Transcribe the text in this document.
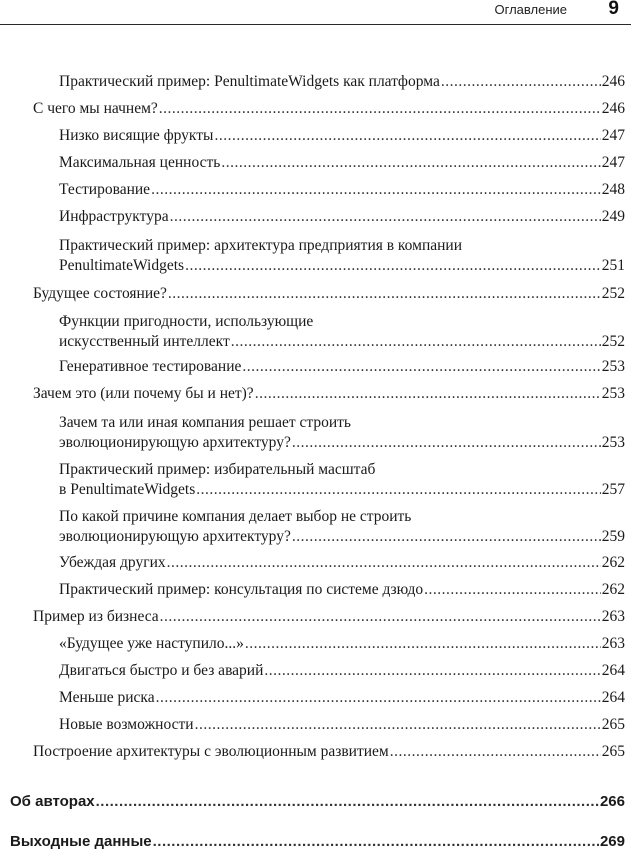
Оглавление 9
Практический пример: PenultimateWidgets как платформа .....	246
С чего мы начнем? .....	246
Низко висящие фрукты .....	247
Максимальная ценность .....	247
Тестирование .....	248
Инфраструктура .....	249
Практический пример: архитектура предприятия в компании
PenultimateWidgets .....	251
Будущее состояние? .....	252
Функции пригодности, использующие
искусственный интеллект .....	252
Генеративное тестирование .....	253
Зачем это (или почему бы и нет)? .....	253
Зачем та или иная компания решает строить
эволюционирующую архитектуру? .....	253
Практический пример: избирательный масштаб
в PenultimateWidgets .....	257
По какой причине компания делает выбор не строить
эволюционирующую архитектуру? .....	259
Убеждая других .....	262
Практический пример: консультация по системе дзюдо .....	262
Пример из бизнеса .....	263
«Будущее уже наступило...» .....	263
Двигаться быстро и без аварий .....	264
Меньше риска .....	264
Новые возможности .....	265
Построение архитектуры с эволюционным развитием .....	265
Об авторах .....	266
Выходные данные .....	269
